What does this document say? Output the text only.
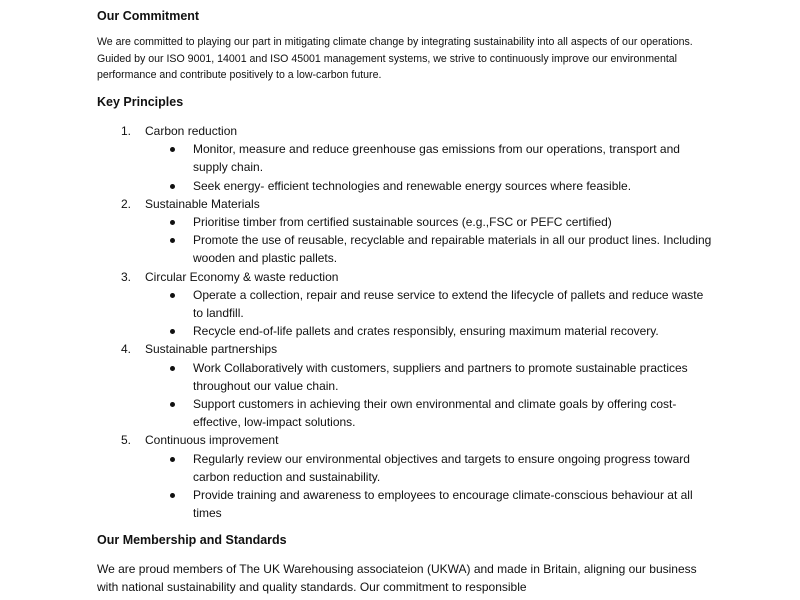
Our Commitment

We are committed to playing our part in mitigating climate change by integrating sustainability into all aspects of our operations. Guided by our ISO 9001, 14001 and ISO 45001 management systems, we strive to continuously improve our environmental performance and contribute positively to a low-carbon future.

Key Principles
1.	Carbon reduction
Monitor, measure and reduce greenhouse gas emissions from our operations, transport and supply chain.
Seek energy- efficient technologies and renewable energy sources where feasible.
2.	Sustainable Materials
Prioritise timber from certified sustainable sources (e.g.,FSC or PEFC certified)
Promote the use of reusable, recyclable and repairable materials in all our product lines. Including wooden and plastic pallets.
3.	Circular Economy & waste reduction
Operate a collection, repair and reuse service to extend the lifecycle of pallets and reduce waste to landfill.
Recycle end-of-life pallets and crates responsibly, ensuring maximum material recovery.
4.	Sustainable partnerships
Work Collaboratively with customers, suppliers and partners to promote sustainable practices throughout our value chain.
Support customers in achieving their own environmental and climate goals by offering cost-effective, low-impact solutions.
5.	Continuous improvement
Regularly review our environmental objectives and targets to ensure ongoing progress toward carbon reduction and sustainability.
Provide training and awareness to employees to encourage climate-conscious behaviour at all times
Our Membership and Standards

We are proud members of The UK Warehousing associateion (UKWA) and made in Britain, aligning our business with national sustainability and quality standards. Our commitment to responsible
